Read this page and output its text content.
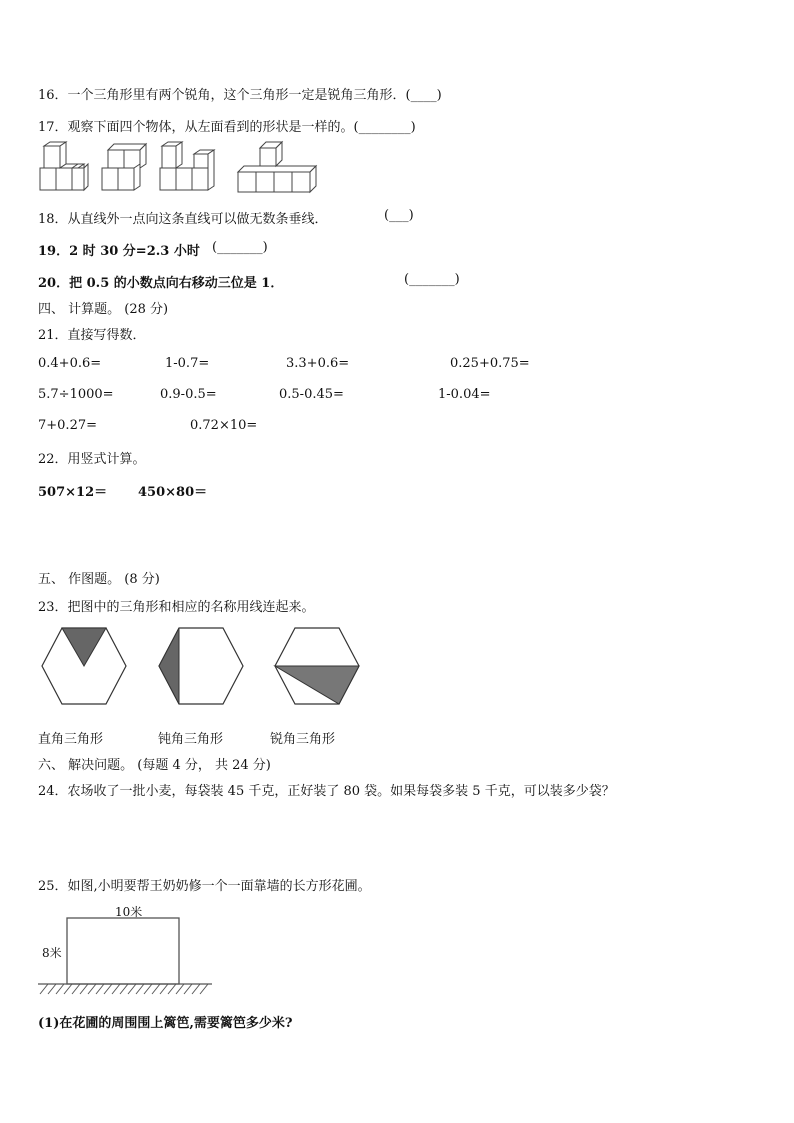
16．一个三角形里有两个锐角，这个三角形一定是锐角三角形．(____)
17．观察下面四个物体，从左面看到的形状是一样的。(________)
18．从直线外一点向这条直线可以做无数条垂线．	(___)
19．2 时 30 分=2.3 小时 (_______)
20．把 0.5 的小数点向右移动三位是 1．	(_______)
四、 计算题。 (28 分)
21．直接写得数．
0.4+0.6=	1-0.7=	3.3+0.6=	0.25+0.75=
5.7÷1000=	0.9-0.5=	0.5-0.45=	1-0.04=
7+0.27=	0.72×10=
22．用竖式计算。
507×12＝ 450×80＝
五、 作图题。 (8 分)
23．把图中的三角形和相应的名称用线连起来。
直角三角形	钝角三角形	锐角三角形
六、 解决问题。 (每题 4 分， 共 24 分)
24．农场收了一批小麦，每袋装 45 千克，正好装了 80 袋。如果每袋多装 5 千克，可以装多少袋？
25．如图,小明要帮王奶奶修一个一面靠墙的长方形花圃。
10米
8米
(1)在花圃的周围围上篱笆,需要篱笆多少米?
